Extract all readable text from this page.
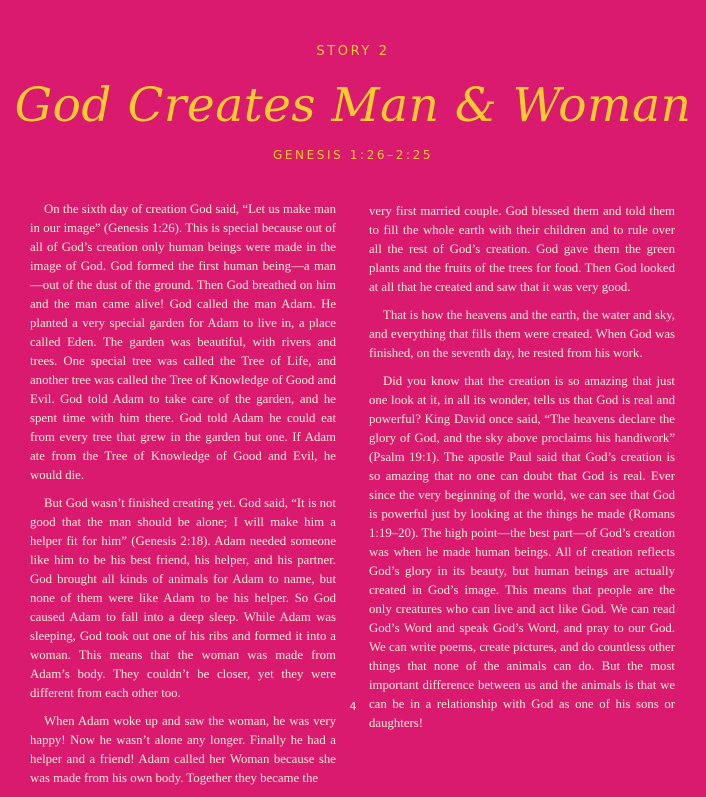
STORY 2
God Creates Man & Woman
GENESIS 1:26–2:25

On the sixth day of creation God said, “Let us make man in our image” (Genesis 1:26). This is special because out of all of God’s creation only human beings were made in the image of God. God formed the first human being—a man—out of the dust of the ground. Then God breathed on him and the man came alive! God called the man Adam. He planted a very special garden for Adam to live in, a place called Eden. The garden was beautiful, with rivers and trees. One special tree was called the Tree of Life, and another tree was called the Tree of Knowledge of Good and Evil. God told Adam to take care of the garden, and he spent time with him there. God told Adam he could eat from every tree that grew in the garden but one. If Adam ate from the Tree of Knowledge of Good and Evil, he would die.

But God wasn’t finished creating yet. God said, “It is not good that the man should be alone; I will make him a helper fit for him” (Genesis 2:18). Adam needed someone like him to be his best friend, his helper, and his partner. God brought all kinds of animals for Adam to name, but none of them were like Adam to be his helper. So God caused Adam to fall into a deep sleep. While Adam was sleeping, God took out one of his ribs and formed it into a woman. This means that the woman was made from Adam’s body. They couldn’t be closer, yet they were different from each other too.

When Adam woke up and saw the woman, he was very happy! Now he wasn’t alone any longer. Finally he had a helper and a friend! Adam called her Woman because she was made from his own body. Together they became the

very first married couple. God blessed them and told them to fill the whole earth with their children and to rule over all the rest of God’s creation. God gave them the green plants and the fruits of the trees for food. Then God looked at all that he created and saw that it was very good.

That is how the heavens and the earth, the water and sky, and everything that fills them were created. When God was finished, on the seventh day, he rested from his work.

Did you know that the creation is so amazing that just one look at it, in all its wonder, tells us that God is real and powerful? King David once said, “The heavens declare the glory of God, and the sky above proclaims his handiwork” (Psalm 19:1). The apostle Paul said that God’s creation is so amazing that no one can doubt that God is real. Ever since the very beginning of the world, we can see that God is powerful just by looking at the things he made (Romans 1:19–20). The high point—the best part—of God’s creation was when he made human beings. All of creation reflects God’s glory in its beauty, but human beings are actually created in God’s image. This means that people are the only creatures who can live and act like God. We can read God’s Word and speak God’s Word, and pray to our God. We can write poems, create pictures, and do countless other things that none of the animals can do. But the most important difference between us and the animals is that we can be in a relationship with God as one of his sons or daughters!

4
